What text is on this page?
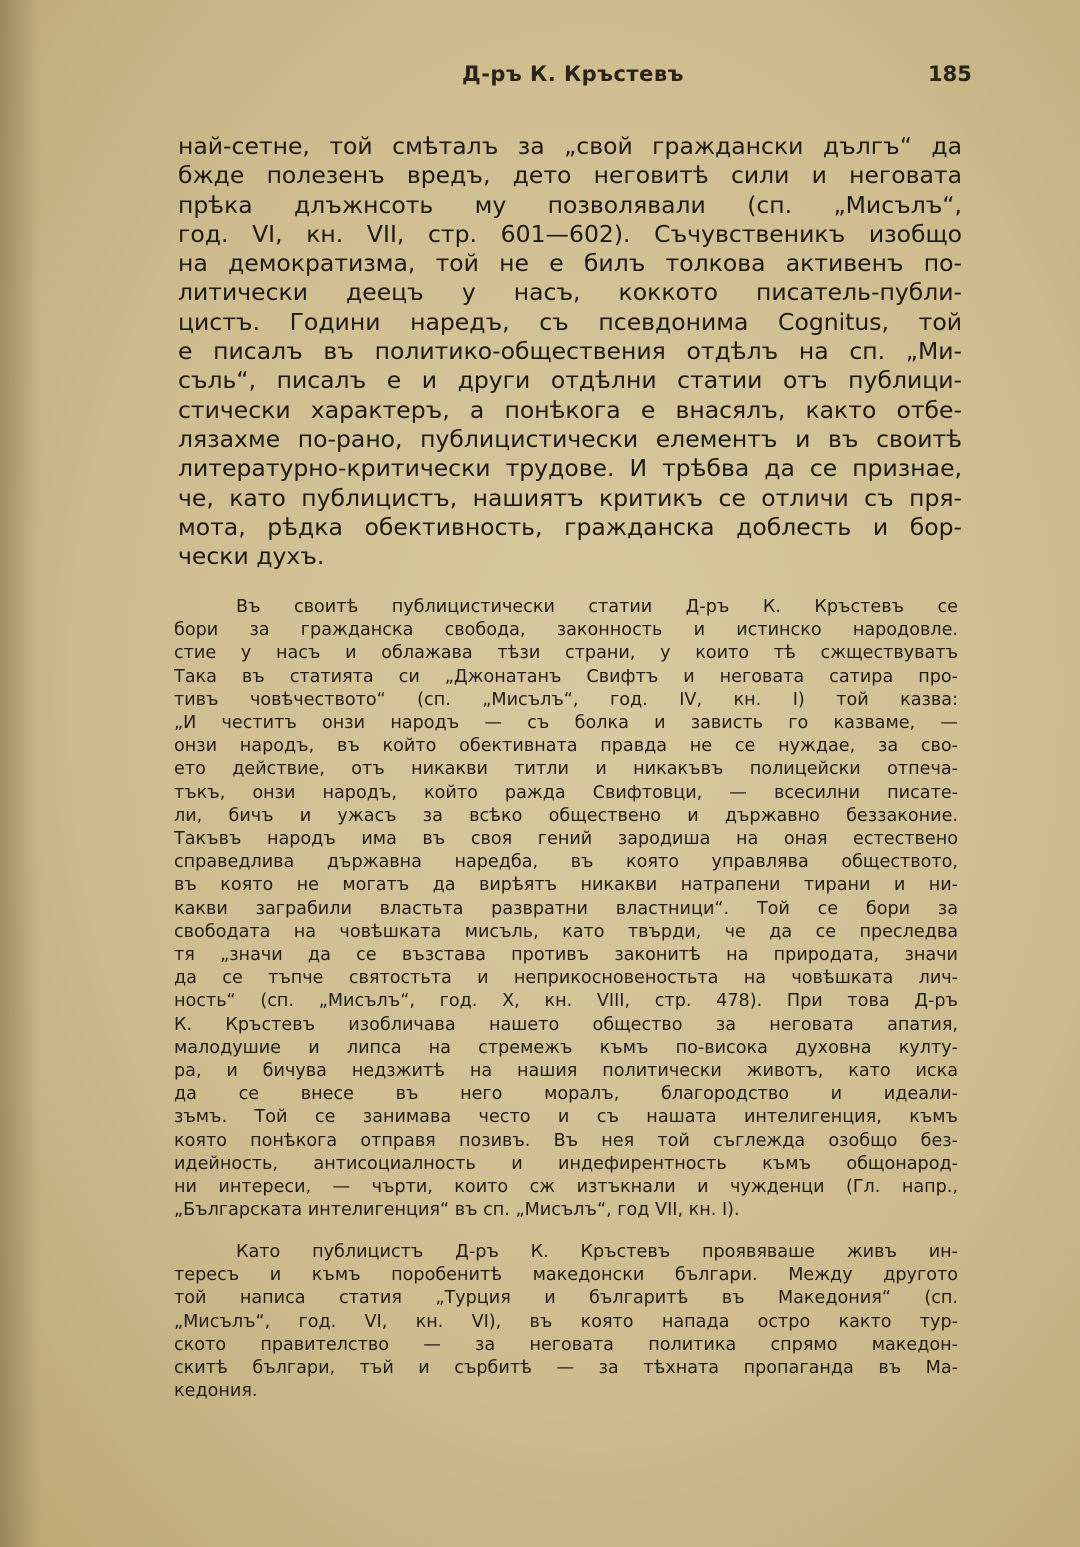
Д-ръ К. Кръстевъ	185
най-сетне, той смѣталъ за „свой граждански дългъ“ да
бжде полезенъ вредъ, дето неговитѣ сили и неговата
прѣка длъжнсоть му позволявали (сп. „Мисълъ“,
год. VI, кн. VII, стр. 601—602). Съчувственикъ изобщо
на демократизма, той не е билъ толкова активенъ по-
литически деецъ у насъ, коккото писатель-публи-
цистъ. Години наредъ, съ псевдонима Cognitus, той
е писалъ въ политико-обществения отдѣлъ на сп. „Ми-
съль“, писалъ е и други отдѣлни статии отъ публици-
стически характеръ, а понѣкога е внасялъ, както отбе-
лязахме по-рано, публицистически елементъ и въ своитѣ
литературно-критически трудове. И трѣбва да се признае,
че, като публицистъ, нашиятъ критикъ се отличи съ пря-
мота, рѣдка обективность, гражданска доблесть и бор-
чески духъ.
Въ своитѣ публицистически статии Д-ръ К. Кръстевъ се
бори за гражданска свобода, законность и истинско народовле.
стие у насъ и облажава тѣзи страни, у които тѣ сжществуватъ
Така въ статията си „Джонатанъ Свифтъ и неговата сатира про-
тивъ човѣчеството“ (сп. „Мисълъ“, год. IV, кн. I) той казва:
„И честитъ онзи народъ — съ болка и зависть го казваме, —
онзи народъ, въ който обективната правда не се нуждае, за сво-
ето действие, отъ никакви титли и никакъвъ полицейски отпеча-
тъкъ, онзи народъ, който ражда Свифтовци, — всесилни писате-
ли, бичъ и ужасъ за всѣко обществено и държавно беззаконие.
Такъвъ народъ има въ своя гений зародиша на оная естествено
справедлива държавна наредба, въ която управлява обществото,
въ която не могатъ да вирѣятъ никакви натрапени тирани и ни-
какви заграбили властьта развратни властници“. Той се бори за
свободата на човѣшката мисъль, като твърди, че да се преследва
тя „значи да се възстава противъ законитѣ на природата, значи
да се тъпче святостьта и неприкосновеностьта на човѣшката лич-
ность“ (сп. „Мисълъ“, год. X, кн. VIII, стр. 478). При това Д-ръ
К. Кръстевъ изобличава нашето общество за неговата апатия,
малодушие и липса на стремежъ къмъ по-висока духовна култу-
ра, и бичува недзжитѣ на нашия политически животъ, като иска
да се внесе въ него моралъ, благородство и идеали-
зъмъ. Той се занимава често и съ нашата интелигенция, къмъ
която понѣкога отправя позивъ. Въ нея той съглежда озобщо без-
идейность, антисоциалность и индефирентность къмъ общонарод-
ни интереси, — чърти, които сж изтъкнали и чужденци (Гл. напр.,
„Българската интелигенция“ въ сп. „Мисълъ“, год VII, кн. I).
Като публицистъ Д-ръ К. Кръстевъ проявяваше живъ ин-
тересъ и къмъ поробенитѣ македонски българи. Между другото
той написа статия „Турция и българитѣ въ Македония“ (сп.
„Мисълъ“, год. VI, кн. VI), въ която нападa остро както тур-
ското правителство — за неговата политика спрямо македон-
скитѣ българи, тъй и сърбитѣ — за тѣхната пропаганда въ Ма-
кедония.
